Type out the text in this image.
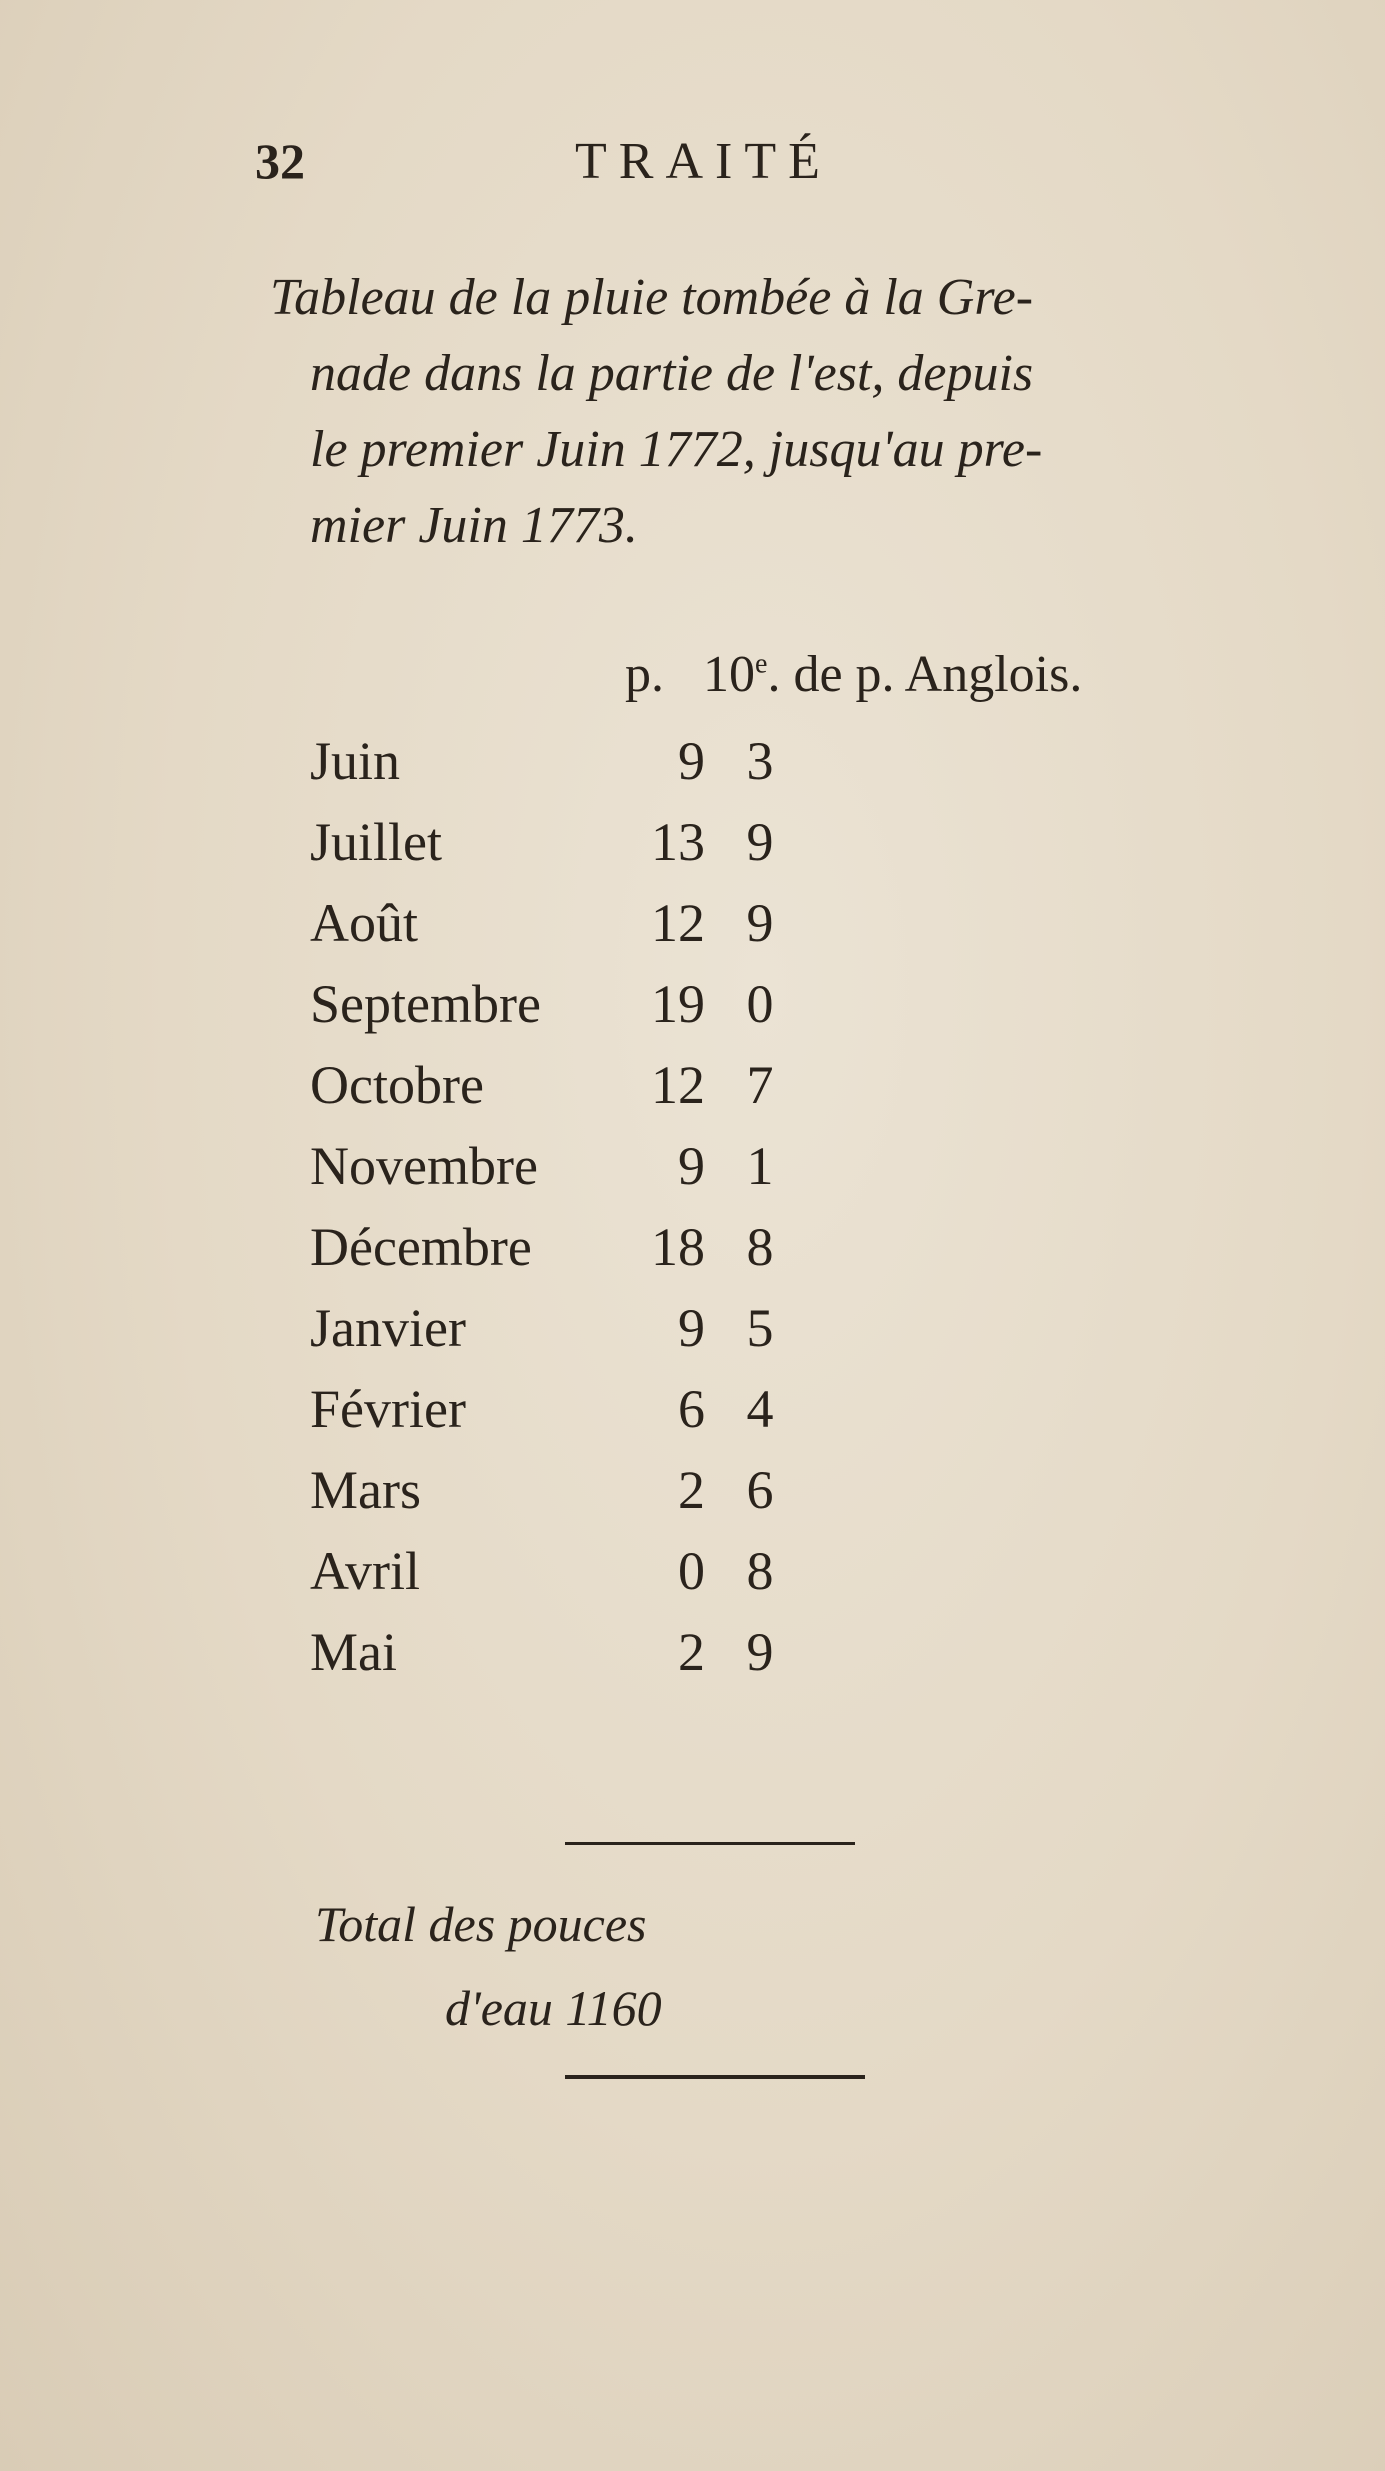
32	TRAITÉ
Tableau de la pluie tombée à la Gre-
nade dans la partie de l'est, depuis
le premier Juin 1772, jusqu'au pre-
mier Juin 1773.
p. 10e. de p. Anglois.
Juin	9 3
Juillet	13 9
Août	12 9
Septembre	19 0
Octobre	12 7
Novembre	9 1
Décembre	18 8
Janvier	9 5
Février	6 4
Mars	2 6
Avril	0 8
Mai	2 9
Total des pouces
d'eau 1160
